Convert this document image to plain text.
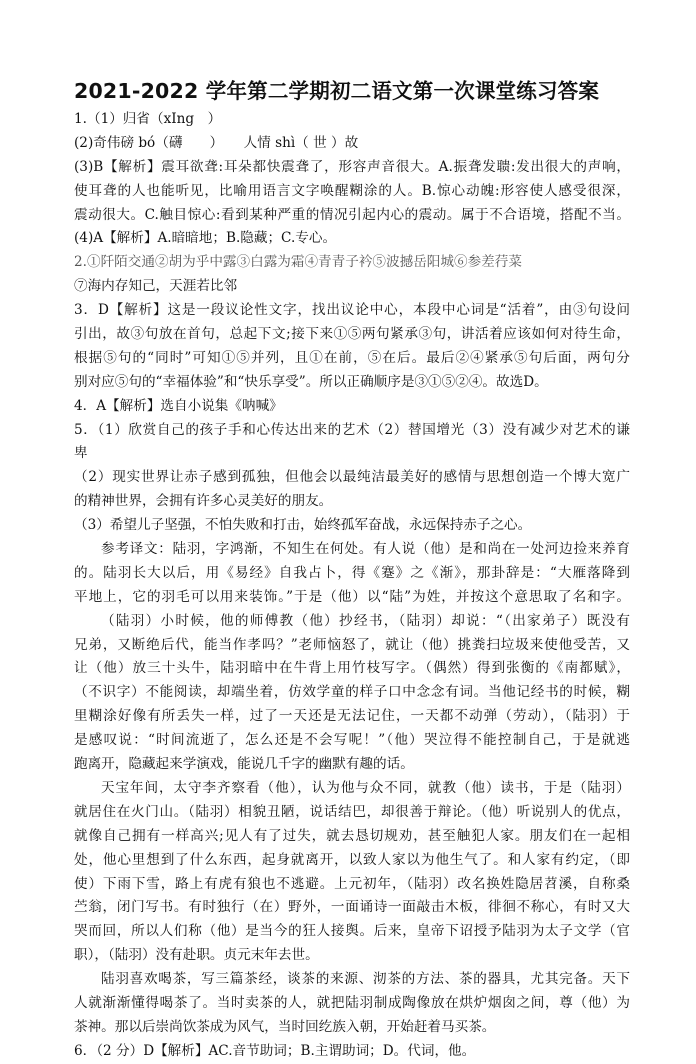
2021-2022 学年第二学期初二语文第一次课堂练习答案
1.（1）归省（xIng　）
(2)奇伟磅 bó（礴　　）　　人情 shì（ 世 ）故
(3)B【解析】震耳欲聋:耳朵都快震聋了，形容声音很大。A.振聋发聩:发出很大的声响，
使耳聋的人也能听见，比喻用语言文字唤醒糊涂的人。B.惊心动魄:形容使人感受很深，
震动很大。C.触目惊心:看到某种严重的情况引起内心的震动。属于不合语境，搭配不当。
(4)A【解析】A.暗暗地；B.隐藏；C.专心。
2.①阡陌交通②胡为乎中露③白露为霜④青青子衿⑤波撼岳阳城⑥参差荇菜
⑦海内存知己，天涯若比邻
3．D【解析】这是一段议论性文字，找出议论中心，本段中心词是“活着”，由③句设问
引出，故③句放在首句，总起下文;接下来①⑤两句紧承③句，讲活着应该如何对待生命，
根据⑤句的“同时”可知①⑤并列，且①在前，⑤在后。最后②④紧承⑤句后面，两句分
别对应⑤句的“幸福体验”和“快乐享受”。所以正确顺序是③①⑤②④。故选D。
4．A【解析】选自小说集《呐喊》
5．（1）欣赏自己的孩子手和心传达出来的艺术（2）替国增光（3）没有减少对艺术的谦
卑
（2）现实世界让赤子感到孤独，但他会以最纯洁最美好的感情与思想创造一个博大宽广
的精神世界，会拥有许多心灵美好的朋友。
（3）希望儿子坚强，不怕失败和打击，始终孤军奋战，永远保持赤子之心。
参考译文：陆羽，字鸿渐，不知生在何处。有人说（他）是和尚在一处河边捡来养育
的。陆羽长大以后，用《易经》自我占卜，得《蹇》之《渐》，那卦辞是：“大雁落降到
平地上，它的羽毛可以用来装饰。”于是（他）以“陆”为姓，并按这个意思取了名和字。
（陆羽）小时候，他的师傅教（他）抄经书，（陆羽）却说：“（出家弟子）既没有
兄弟，又断绝后代，能当作孝吗？”老师恼怒了，就让（他）挑粪扫垃圾来使他受苦，又
让（他）放三十头牛，陆羽暗中在牛背上用竹枝写字。（偶然）得到张衡的《南都赋》，
（不识字）不能阅读，却端坐着，仿效学童的样子口中念念有词。当他记经书的时候，糊
里糊涂好像有所丢失一样，过了一天还是无法记住，一天都不动弹（劳动），（陆羽）于
是感叹说：“时间流逝了，怎么还是不会写呢！”（他）哭泣得不能控制自己，于是就逃
跑离开，隐藏起来学演戏，能说几千字的幽默有趣的话。
天宝年间，太守李齐察看（他），认为他与众不同，就教（他）读书，于是（陆羽）
就居住在火门山。（陆羽）相貌丑陋，说话结巴，却很善于辩论。（他）听说别人的优点，
就像自己拥有一样高兴;见人有了过失，就去恳切规劝，甚至触犯人家。朋友们在一起相
处，他心里想到了什么东西，起身就离开，以致人家以为他生气了。和人家有约定，（即
使）下雨下雪，路上有虎有狼也不逃避。上元初年，（陆羽）改名换姓隐居苕溪，自称桑
苎翁，闭门写书。有时独行（在）野外，一面诵诗一面敲击木板，徘徊不称心，有时又大
哭而回，所以人们称（他）是当今的狂人接舆。后来，皇帝下诏授予陆羽为太子文学（官
职），（陆羽）没有赴职。贞元末年去世。
陆羽喜欢喝茶，写三篇茶经，谈茶的来源、沏茶的方法、茶的器具，尤其完备。天下
人就渐渐懂得喝茶了。当时卖茶的人，就把陆羽制成陶像放在烘炉烟囱之间，尊（他）为
茶神。那以后崇尚饮茶成为风气，当时回纥族入朝，开始赶着马买茶。
6．（2 分）D【解析】AC.音节助词；B.主谓助词；D。代词，他。
